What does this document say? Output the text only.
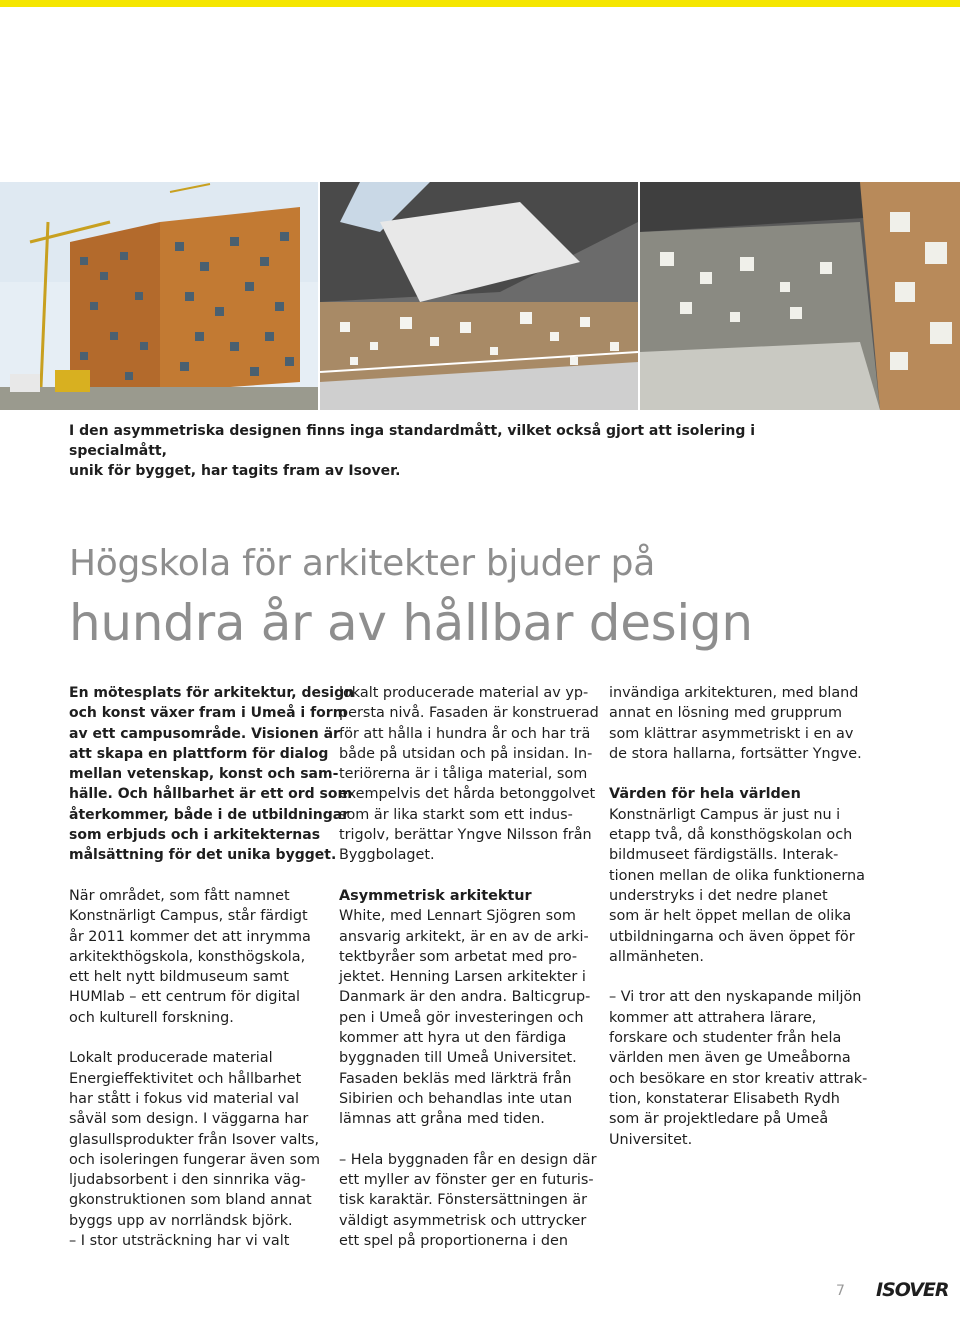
I den asymmetriska designen finns inga standardmått, vilket också gjort att isolering i specialmått,
unik för bygget, har tagits fram av Isover.
Högskola för arkitekter bjuder på
hundra år av hållbar design
En mötesplats för arkitektur, design
och konst växer fram i Umeå i form
av ett campusområde. Visionen är
att skapa en plattform för dialog
mellan vetenskap, konst och sam-
hälle. Och hållbarhet är ett ord som
återkommer, både i de utbildningar
som erbjuds och i arkitekternas
målsättning för det unika bygget.
När området, som fått namnet
Konstnärligt Campus, står färdigt
år 2011 kommer det att inrymma
arkitekthögskola, konsthögskola,
ett helt nytt bildmuseum samt
HUMlab – ett centrum för digital
och kulturell forskning.
Lokalt producerade material
Energieffektivitet och hållbarhet
har stått i fokus vid material val
såväl som design. I väggarna har
glasullsprodukter från Isover valts,
och isoleringen fungerar även som
ljudabsorbent i den sinnrika väg-
gkonstruktionen som bland annat
byggs upp av norrländsk björk.
– I stor utsträckning har vi valt
lokalt producerade material av yp-
persta nivå. Fasaden är konstruerad
för att hålla i hundra år och har trä
både på utsidan och på insidan. In-
teriörerna är i tåliga material, som
exempelvis det hårda betonggolvet
som är lika starkt som ett indus-
trigolv, berättar Yngve Nilsson från
Byggbolaget.
Asymmetrisk arkitektur
White, med Lennart Sjögren som
ansvarig arkitekt, är en av de arki-
tektbyråer som arbetat med pro-
jektet. Henning Larsen arkitekter i
Danmark är den andra. Balticgrup-
pen i Umeå gör investeringen och
kommer att hyra ut den färdiga
byggnaden till Umeå Universitet.
Fasaden bekläs med lärkträ från
Sibirien och behandlas inte utan
lämnas att gråna med tiden.
– Hela byggnaden får en design där
ett myller av fönster ger en futuris-
tisk karaktär. Fönstersättningen är
väldigt asymmetrisk och uttrycker
ett spel på proportionerna i den
invändiga arkitekturen, med bland
annat en lösning med grupprum
som klättrar asymmetriskt i en av
de stora hallarna, fortsätter Yngve.
Värden för hela världen
Konstnärligt Campus är just nu i
etapp två, då konsthögskolan och
bildmuseet färdigställs. Interak-
tionen mellan de olika funktionerna
understryks i det nedre planet
som är helt öppet mellan de olika
utbildningarna och även öppet för
allmänheten.
– Vi tror att den nyskapande miljön
kommer att attrahera lärare,
forskare och studenter från hela
världen men även ge Umeåborna
och besökare en stor kreativ attrak-
tion, konstaterar Elisabeth Rydh
som är projektledare på Umeå
Universitet.
7 ISOVER
